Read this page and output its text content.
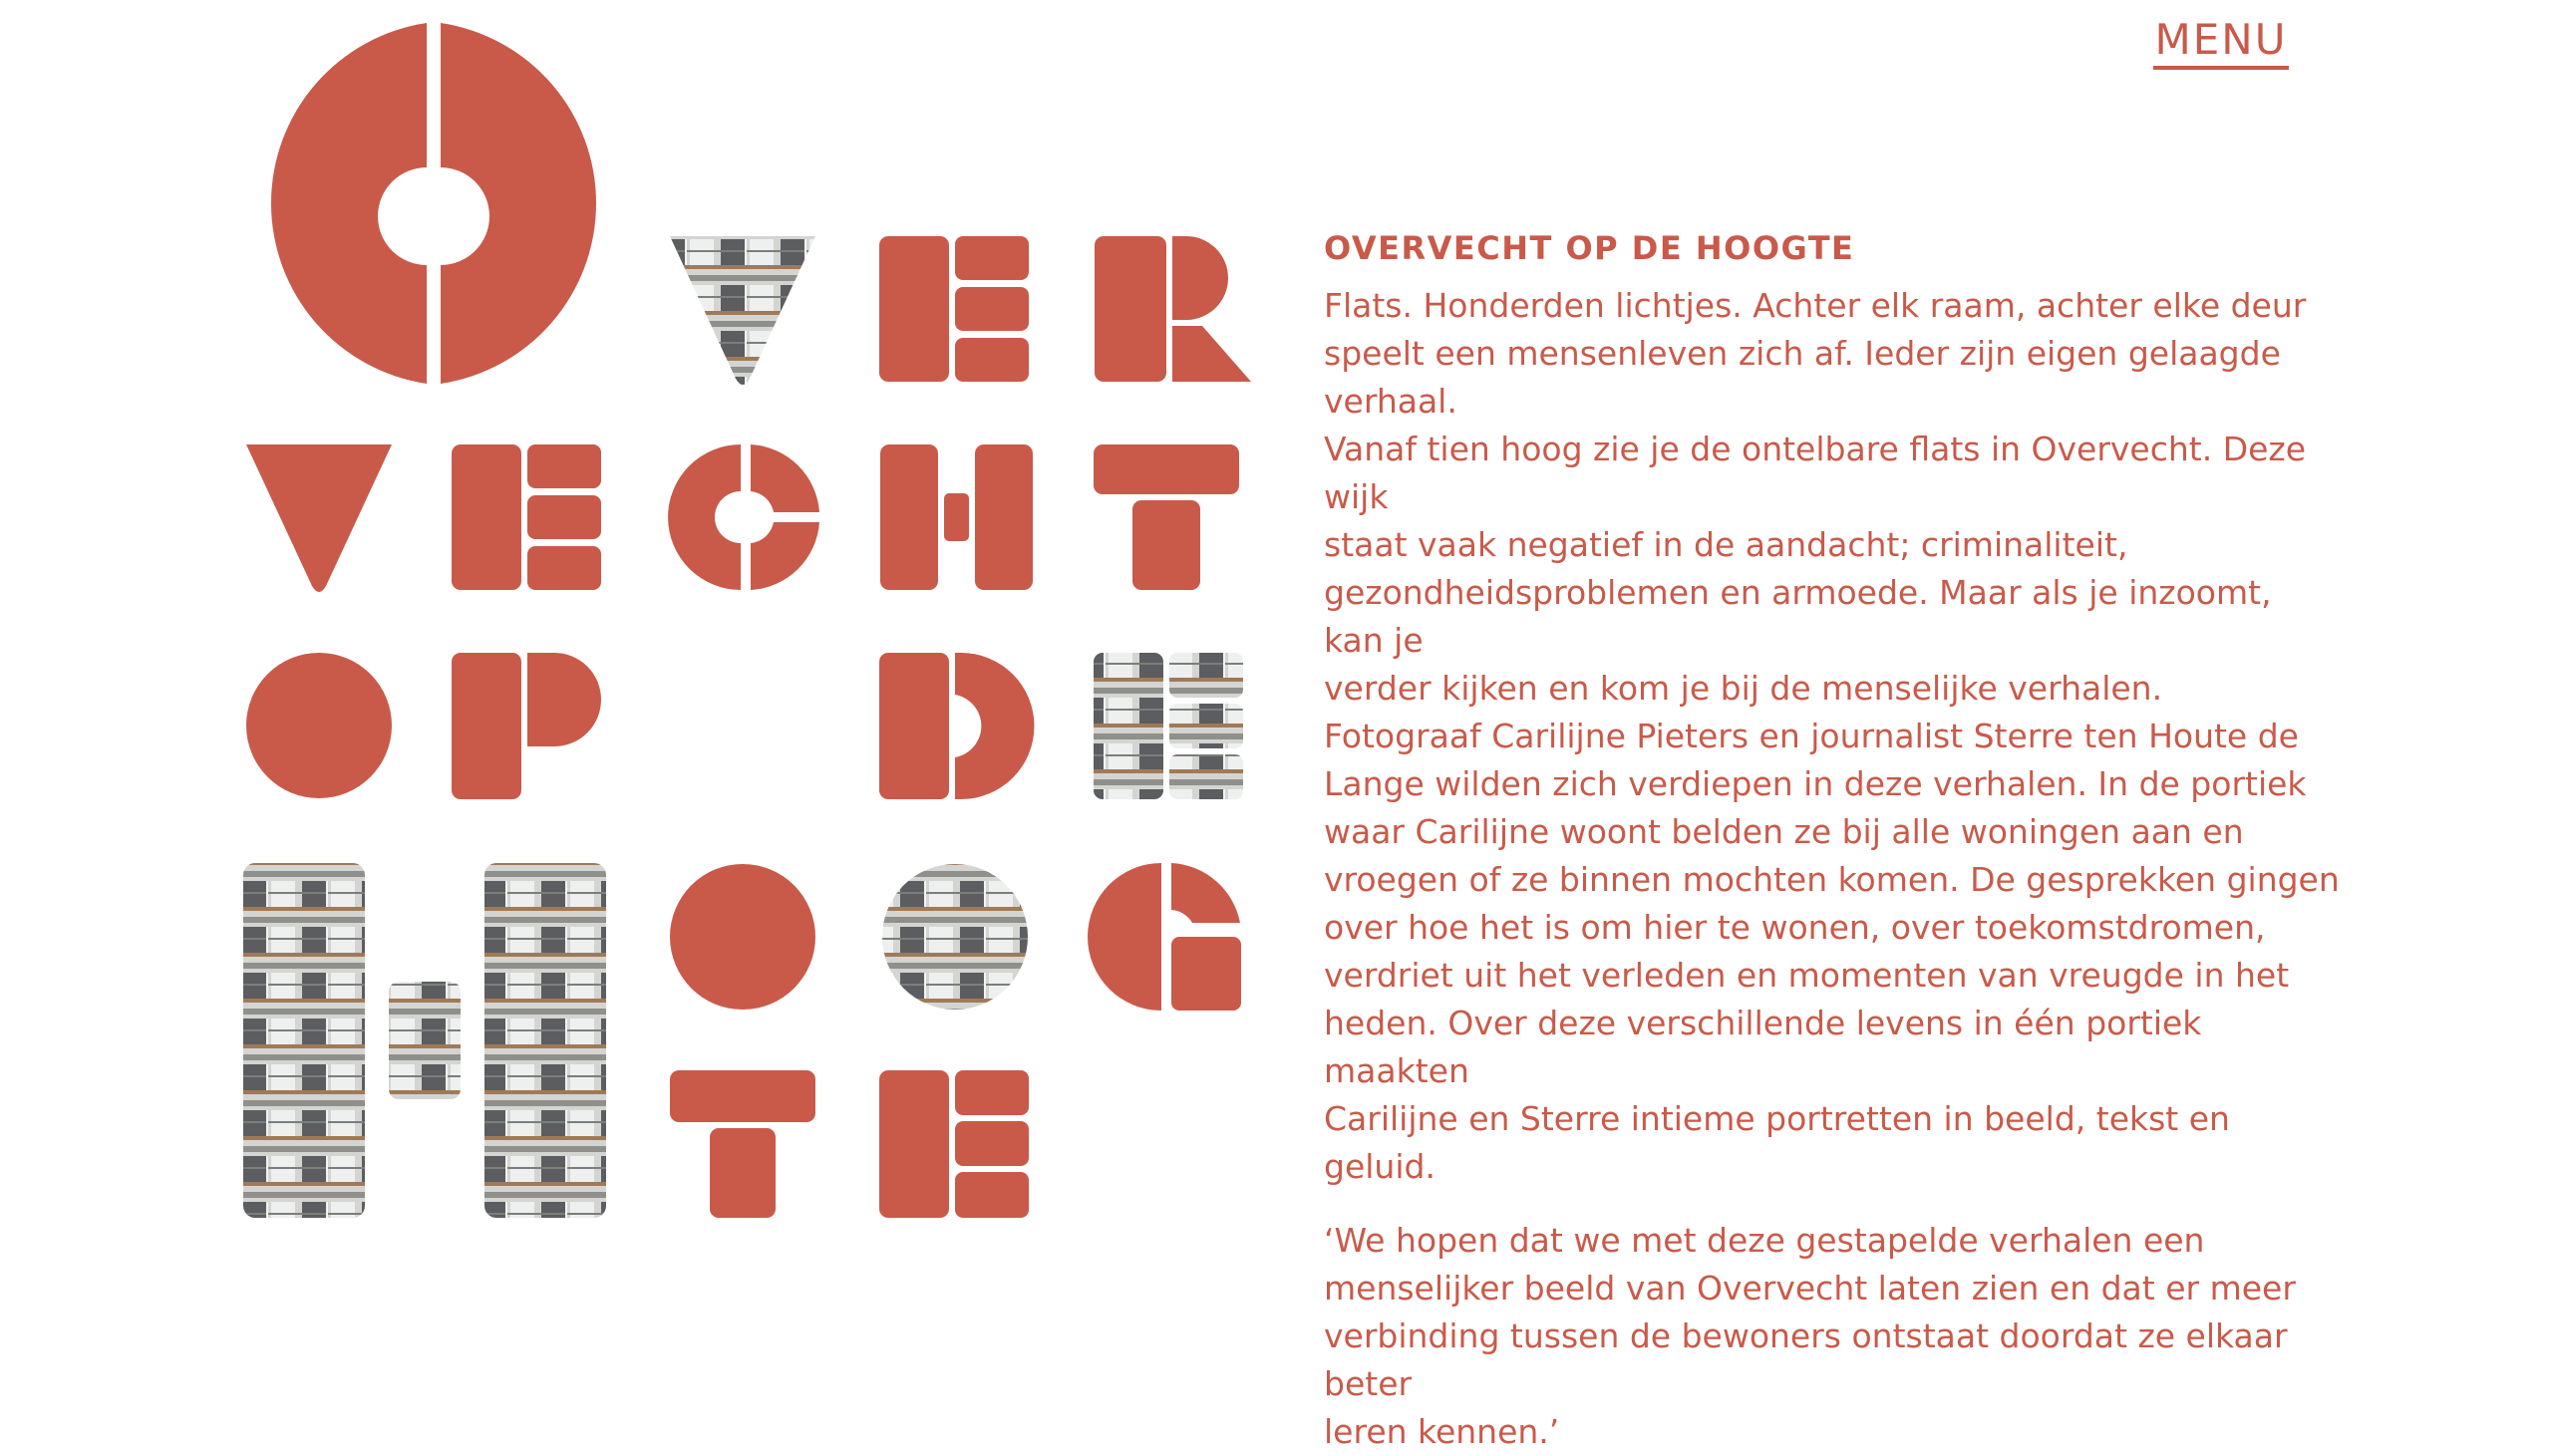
MENU
OVERVECHT OP DE HOOGTE
Flats. Honderden lichtjes. Achter elk raam, achter elke deur
speelt een mensenleven zich af. Ieder zijn eigen gelaagde
verhaal.
Vanaf tien hoog zie je de ontelbare flats in Overvecht. Deze wijk
staat vaak negatief in de aandacht; criminaliteit,
gezondheidsproblemen en armoede. Maar als je inzoomt, kan je
verder kijken en kom je bij de menselijke verhalen.
Fotograaf Carilijne Pieters en journalist Sterre ten Houte de
Lange wilden zich verdiepen in deze verhalen. In de portiek
waar Carilijne woont belden ze bij alle woningen aan en
vroegen of ze binnen mochten komen. De gesprekken gingen
over hoe het is om hier te wonen, over toekomstdromen,
verdriet uit het verleden en momenten van vreugde in het
heden. Over deze verschillende levens in één portiek maakten
Carilijne en Sterre intieme portretten in beeld, tekst en geluid.
‘We hopen dat we met deze gestapelde verhalen een
menselijker beeld van Overvecht laten zien en dat er meer
verbinding tussen de bewoners ontstaat doordat ze elkaar beter
leren kennen.’
